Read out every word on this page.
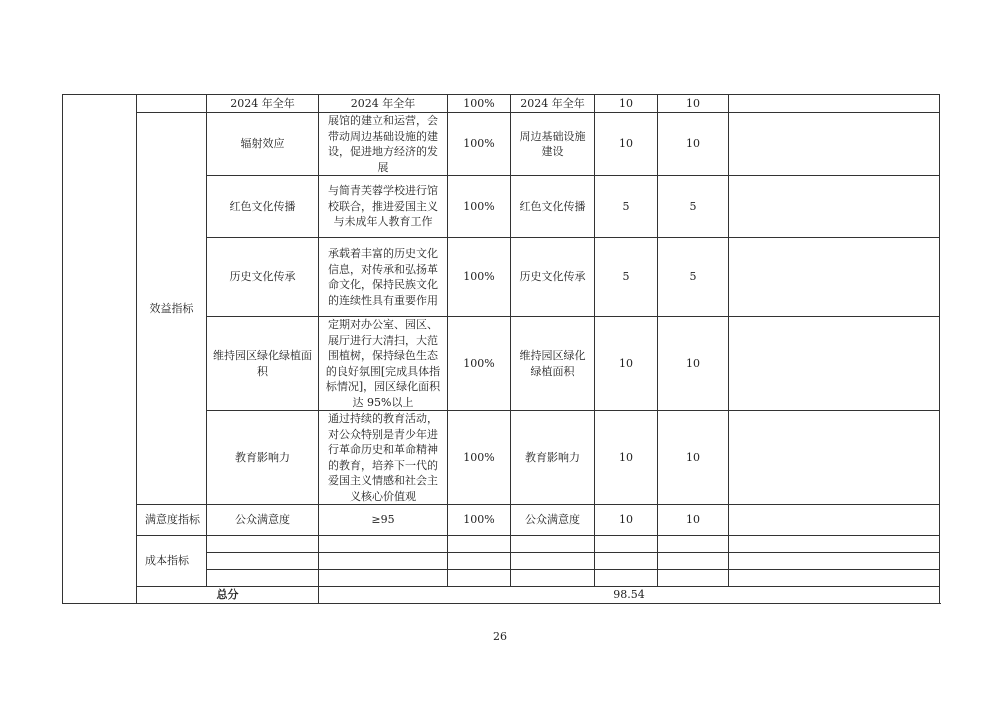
		2024 年全年	2024 年全年	100%	2024 年全年	10	10	
	效益指标	辐射效应	展馆的建立和运营，会带动周边基础设施的建设，促进地方经济的发展	100%	周边基础设施建设	10	10	
		红色文化传播	与简青芙蓉学校进行馆校联合，推进爱国主义与未成年人教育工作	100%	红色文化传播	5	5	
		历史文化传承	承载着丰富的历史文化信息，对传承和弘扬革命文化，保持民族文化的连续性具有重要作用	100%	历史文化传承	5	5	
		维持园区绿化绿植面积	定期对办公室、园区、展厅进行大清扫，大范围植树，保持绿色生态的良好氛围[完成具体指标情况]，园区绿化面积达 95%以上	100%	维持园区绿化绿植面积	10	10	
		教育影响力	通过持续的教育活动，对公众特别是青少年进行革命历史和革命精神的教育，培养下一代的爱国主义情感和社会主义核心价值观	100%	教育影响力	10	10	
	满意度指标	公众满意度	≥95	100%	公众满意度	10	10	
	成本指标							

	总分		98.54					
26
